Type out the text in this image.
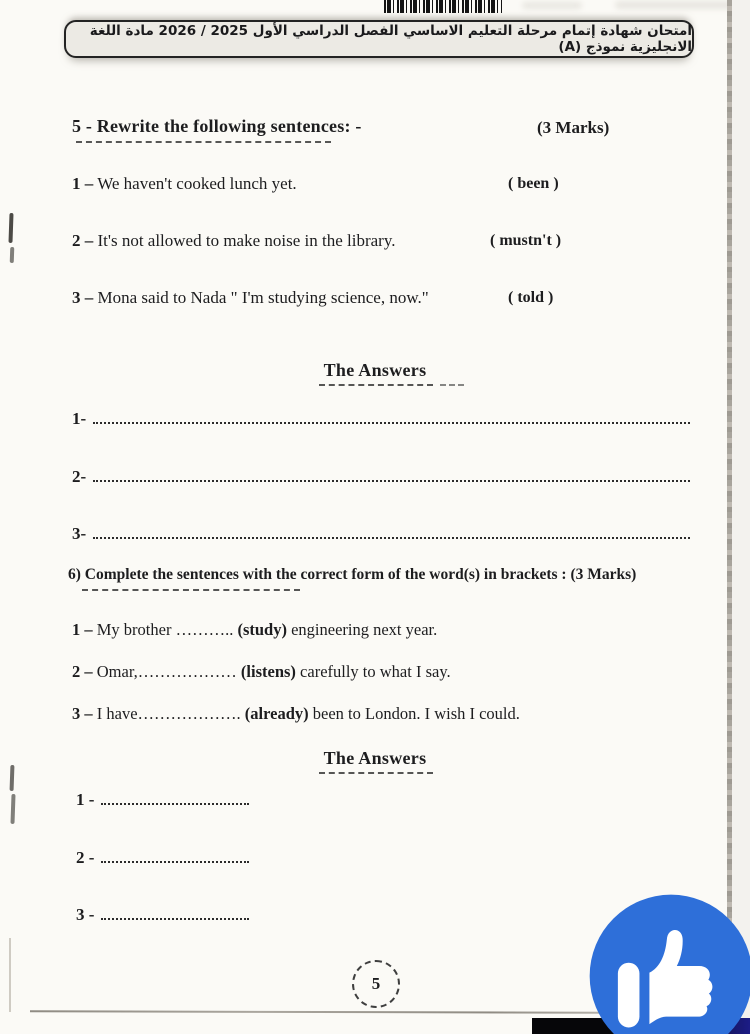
امتحان شهادة إتمام مرحلة التعليم الاساسي الفصل الدراسي الأول 2025 / 2026 مادة اللغة الانجليزية نموذج (A)
5 - Rewrite the following sentences: -	(3 Marks)
1 – We haven't cooked lunch yet.	( been )
2 – It's not allowed to make noise in the library.	( mustn't )
3 – Mona said to Nada " I'm studying science, now."	( told )
The Answers
1-
2-
3-
6) Complete the sentences with the correct form of the word(s) in brackets : (3 Marks)
1 – My brother ……….. (study) engineering next year.
2 – Omar,……………… (listens) carefully to what I say.
3 – I have………………. (already) been to London. I wish I could.
The Answers
1 -
2 -
3 -
5
